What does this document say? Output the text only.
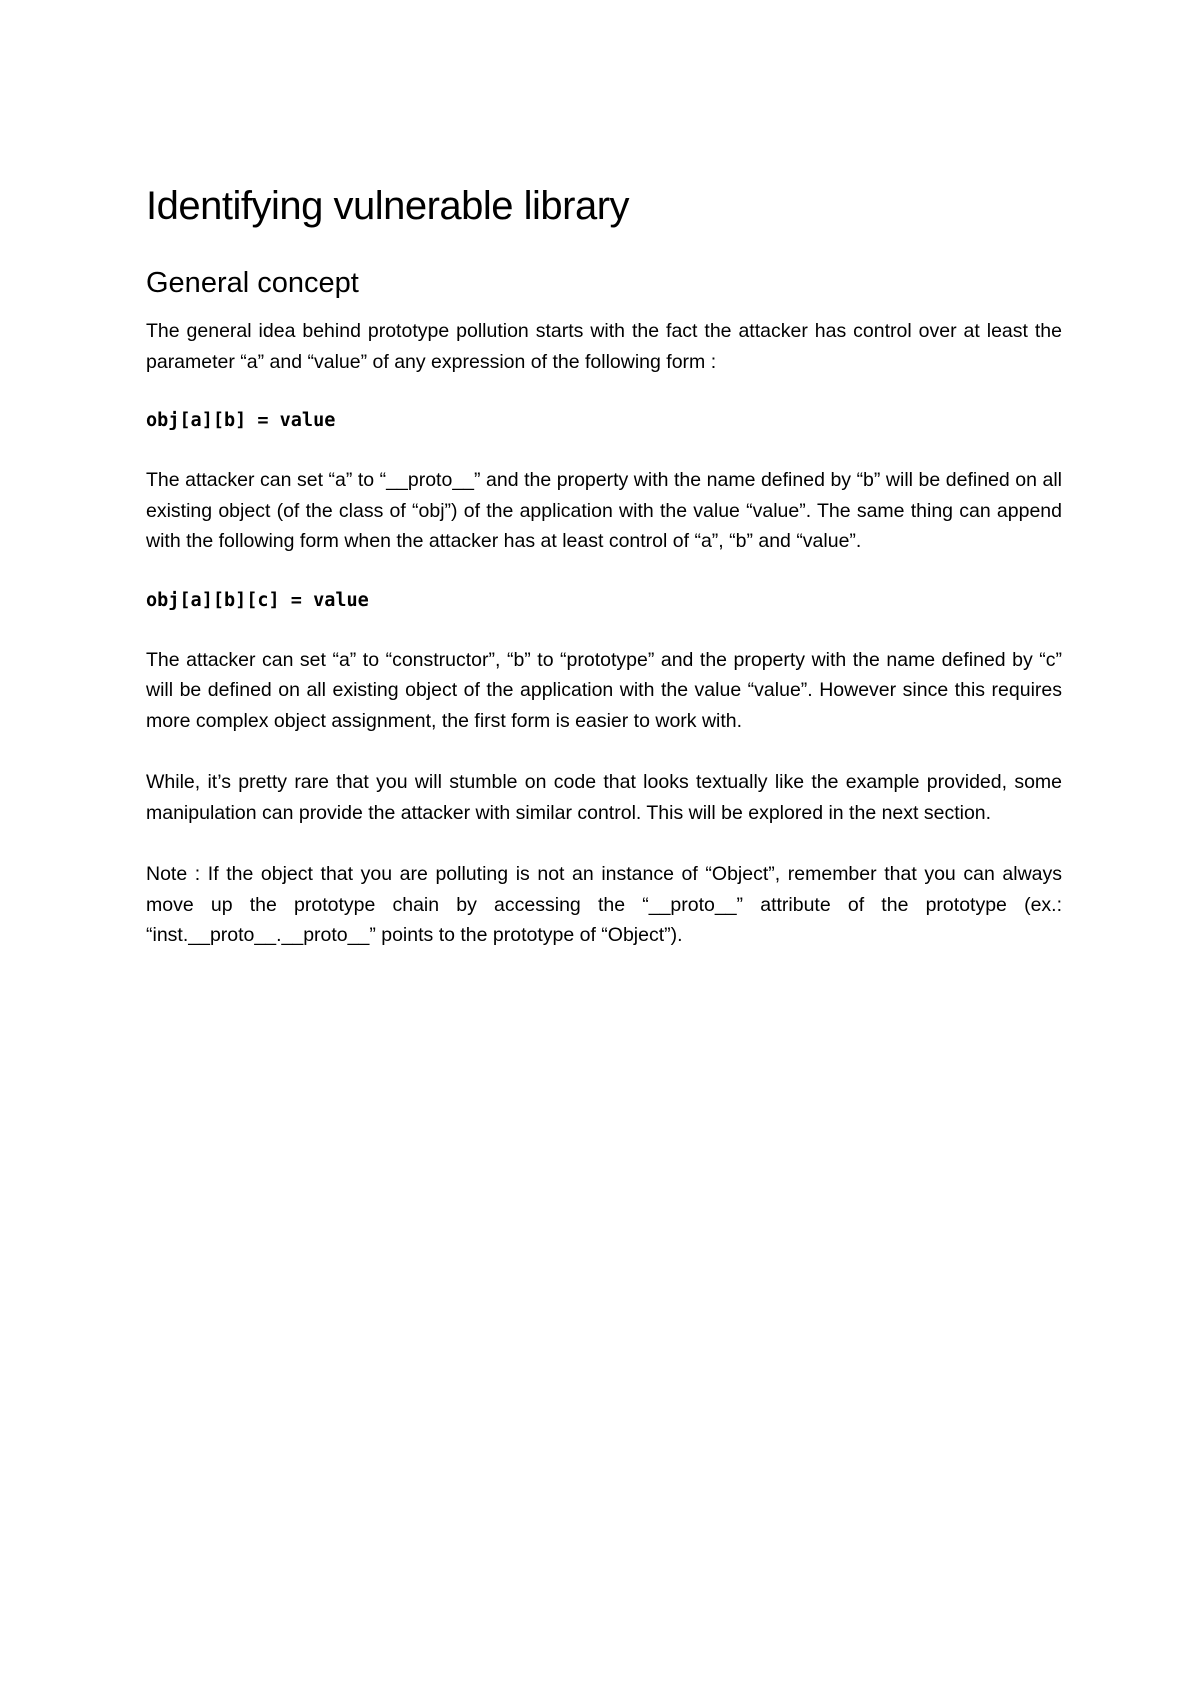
Identifying vulnerable library
General concept

The general idea behind prototype pollution starts with the fact the attacker has control over at least the parameter “a” and “value” of any expression of the following form :

obj[a][b] = value

The attacker can set “a” to “__proto__” and the property with the name defined by “b” will be defined on all existing object (of the class of “obj”) of the application with the value “value”. The same thing can append with the following form when the attacker has at least control of “a”, “b” and “value”.

obj[a][b][c] = value

The attacker can set “a” to “constructor”, “b” to “prototype” and the property with the name defined by “c” will be defined on all existing object of the application with the value “value”. However since this requires more complex object assignment, the first form is easier to work with.

While, it’s pretty rare that you will stumble on code that looks textually like the example provided, some manipulation can provide the attacker with similar control. This will be explored in the next section.

Note : If the object that you are polluting is not an instance of “Object”, remember that you can always move up the prototype chain by accessing the “__proto__” attribute of the prototype (ex.: “inst.__proto__.__proto__” points to the prototype of “Object”).
